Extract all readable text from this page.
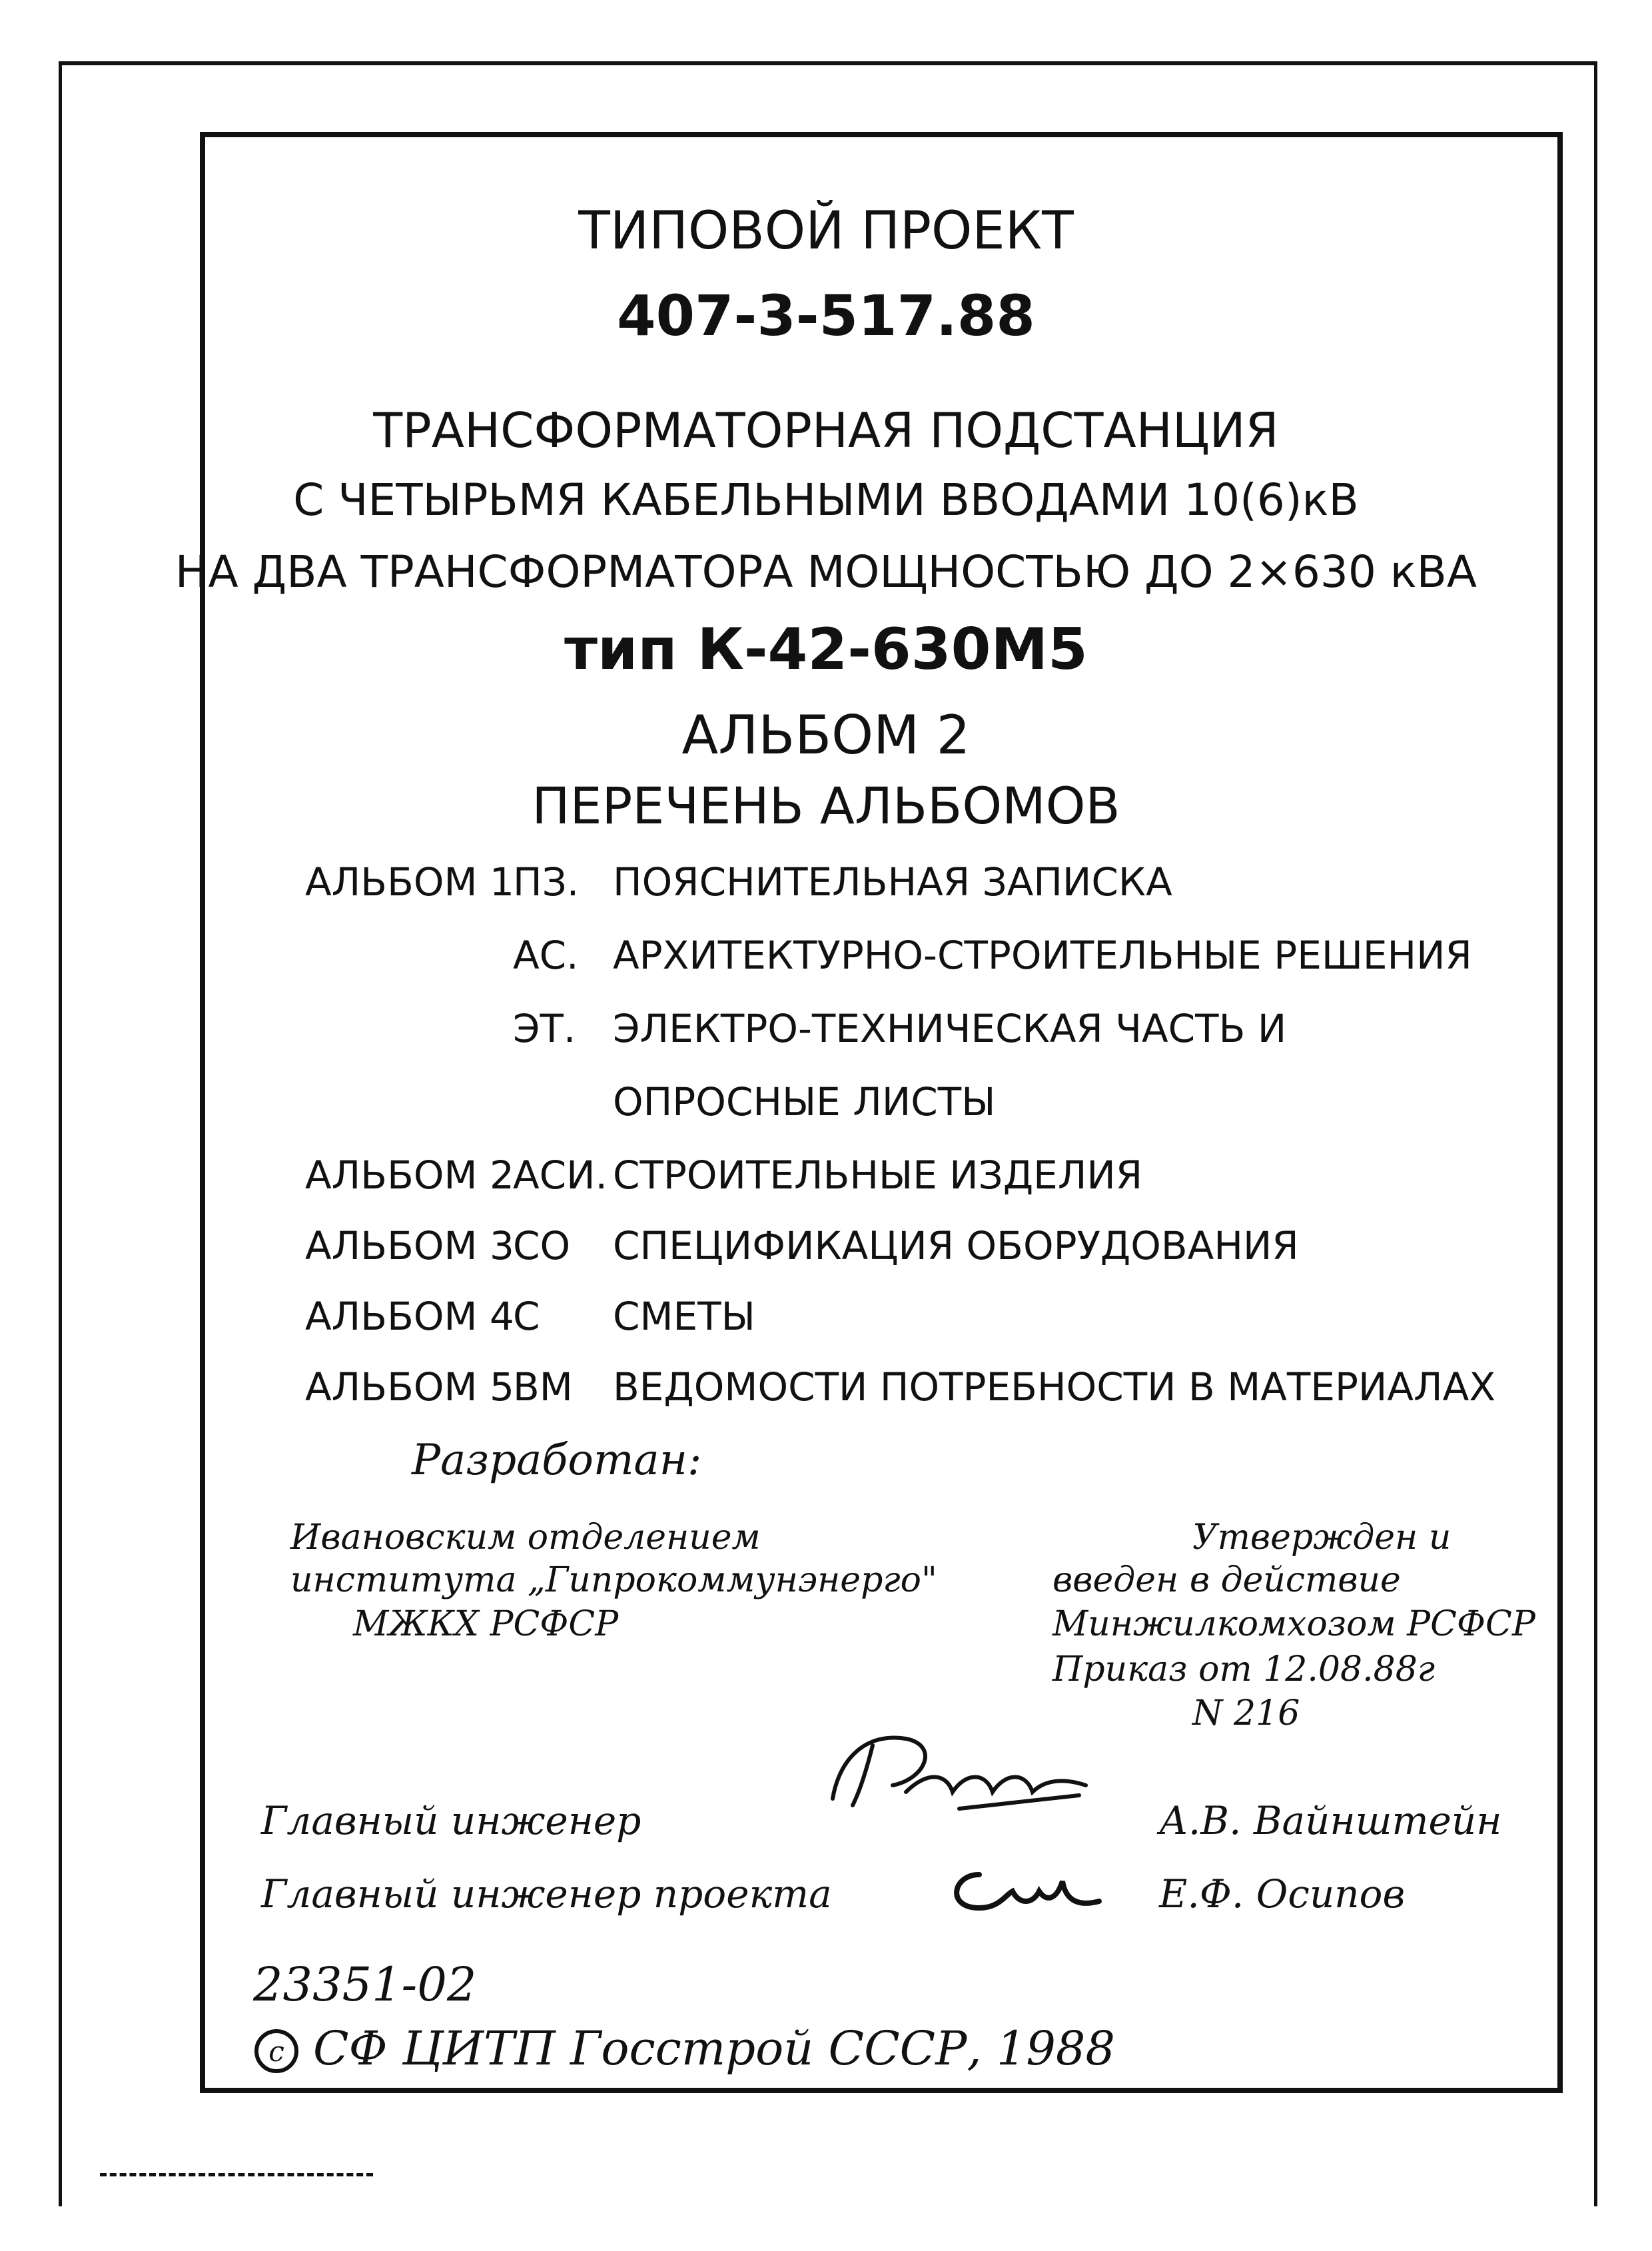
ТИПОВОЙ ПРОЕКТ
407-3-517.88
ТРАНСФОРМАТОРНАЯ ПОДСТАНЦИЯ
С ЧЕТЫРЬМЯ КАБЕЛЬНЫМИ ВВОДАМИ 10(6)кВ
НА ДВА ТРАНСФОРМАТОРА МОЩНОСТЬЮ ДО 2×630 кВА
тип К-42-630М5
АЛЬБОМ 2
ПЕРЕЧЕНЬ АЛЬБОМОВ
АЛЬБОМ 1
ПЗ. ПОЯСНИТЕЛЬНАЯ ЗАПИСКА
АС. АРХИТЕКТУРНО-СТРОИТЕЛЬНЫЕ РЕШЕНИЯ
ЭТ. ЭЛЕКТРО-ТЕХНИЧЕСКАЯ ЧАСТЬ И
ОПРОСНЫЕ ЛИСТЫ
АЛЬБОМ 2
АСИ. СТРОИТЕЛЬНЫЕ ИЗДЕЛИЯ
АЛЬБОМ 3
СО СПЕЦИФИКАЦИЯ ОБОРУДОВАНИЯ
АЛЬБОМ 4
С СМЕТЫ
АЛЬБОМ 5
ВМ ВЕДОМОСТИ ПОТРЕБНОСТИ В МАТЕРИАЛАХ
Разработан:
Ивановским отделением
института „Гипрокоммунэнерго"
МЖКХ РСФСР
Утвержден и
введен в действие
Минжилкомхозом РСФСР
Приказ от 12.08.88г
N 216
Главный инженер	А.В. Вайнштейн
Главный инженер проекта	Е.Ф. Осипов
23351-02
c СФ ЦИТП Госстрой СССР, 1988
